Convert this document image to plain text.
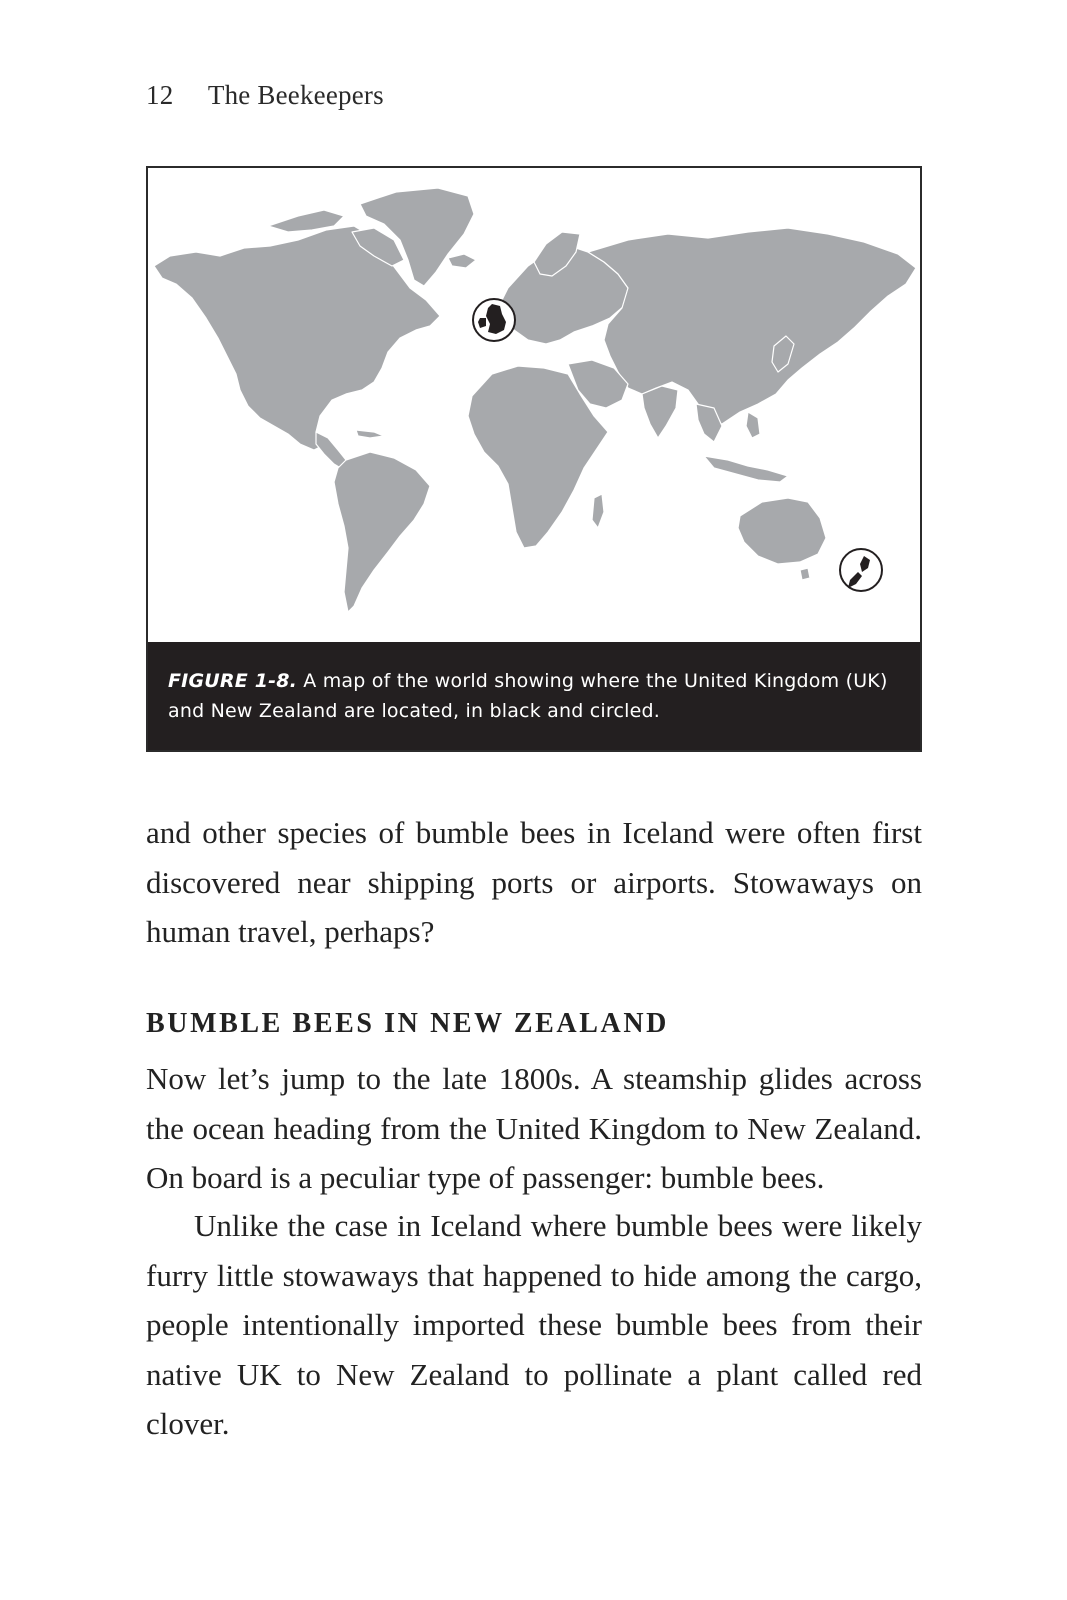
12 The Beekeepers
FIGURE 1-8. A map of the world showing where the United Kingdom (UK) and New Zealand are located, in black and circled.

and other species of bumble bees in Iceland were often first discovered near shipping ports or airports. Stowaways on human travel, perhaps?

BUMBLE BEES IN NEW ZEALAND

Now let’s jump to the late 1800s. A steamship glides across the ocean heading from the United Kingdom to New Zealand. On board is a peculiar type of passenger: bumble bees.

Unlike the case in Iceland where bumble bees were likely furry little stowaways that happened to hide among the cargo, people intentionally imported these bumble bees from their native UK to New Zealand to pollinate a plant called red clover.
